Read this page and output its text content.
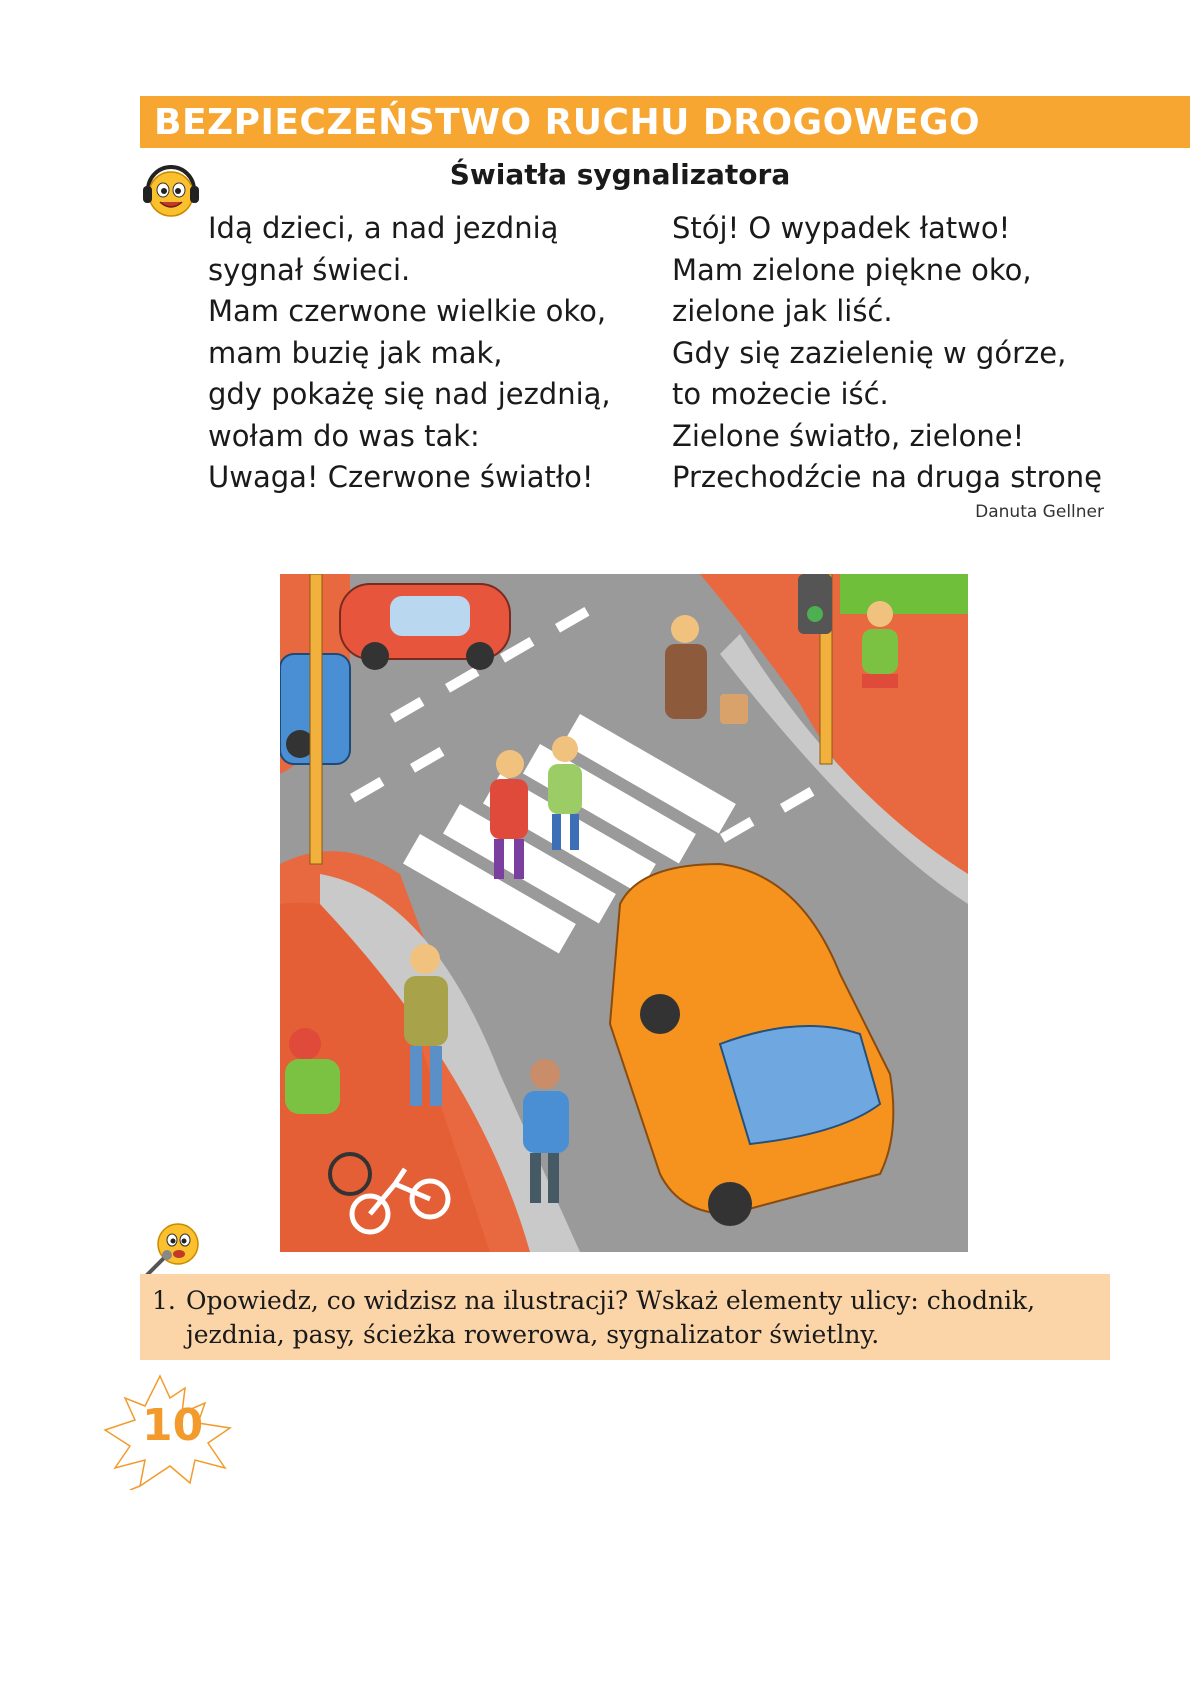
BEZPIECZEŃSTWO RUCHU DROGOWEGO
Światła sygnalizatora
Idą dzieci, a nad jezdnią
sygnał świeci.
Mam czerwone wielkie oko,
mam buzię jak mak,
gdy pokażę się nad jezdnią,
wołam do was tak:
Uwaga! Czerwone światło!
Stój! O wypadek łatwo!
Mam zielone piękne oko,
zielone jak liść.
Gdy się zazielenię w górze,
to możecie iść.
Zielone światło, zielone!
Przechodźcie na druga stronę
Danuta Gellner
1. Opowiedz, co widzisz na ilustracji? Wskaż elementy ulicy: chodnik,
jezdnia, pasy, ścieżka rowerowa, sygnalizator świetlny.
10
